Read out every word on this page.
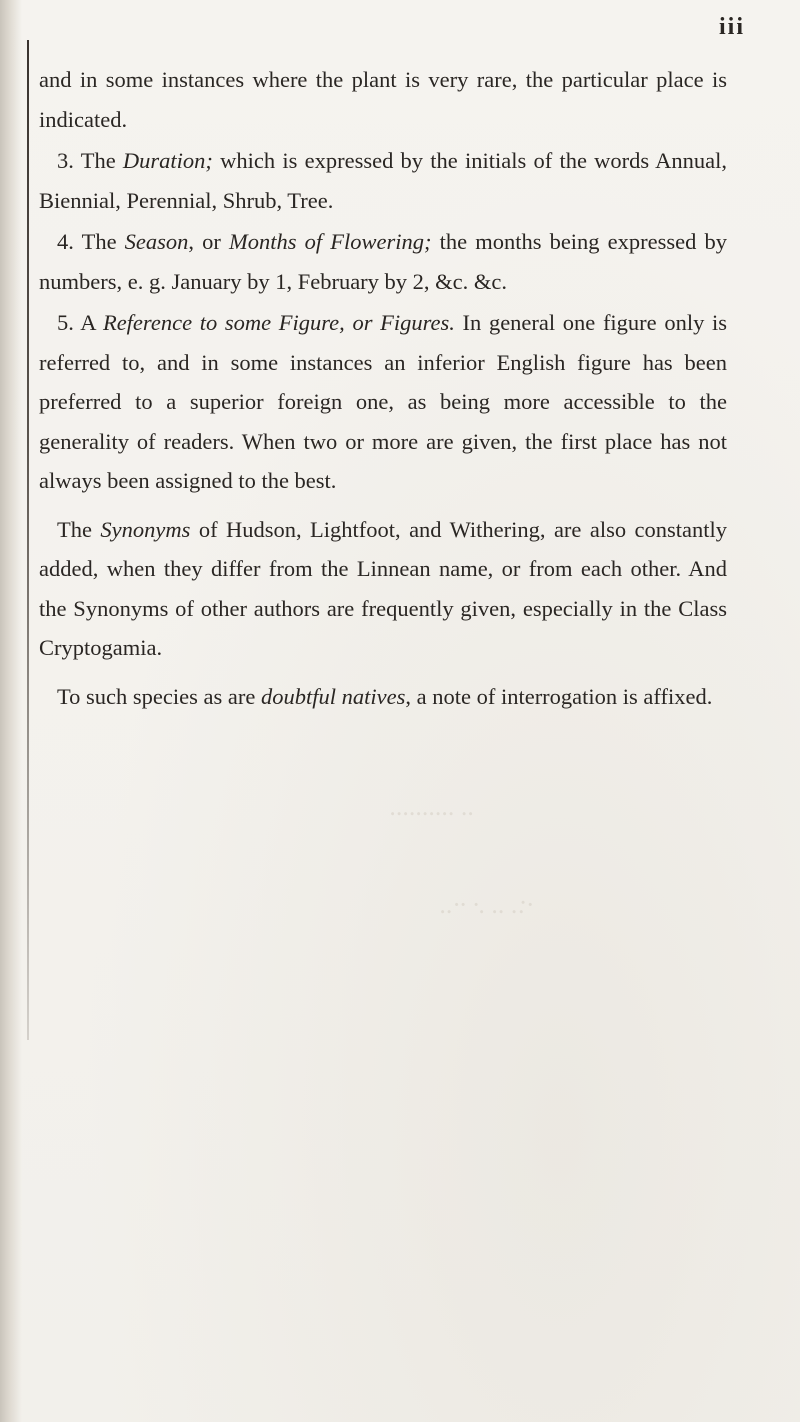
iii

and in some instances where the plant is very rare, the particular place is indicated.

3. The Duration; which is expressed by the initials of the words Annual, Biennial, Perennial, Shrub, Tree.

4. The Season, or Months of Flowering; the months being expressed by numbers, e. g. January by 1, February by 2, &c. &c.

5. A Reference to some Figure, or Figures. In general one figure only is referred to, and in some instances an inferior English figure has been preferred to a superior foreign one, as being more accessible to the generality of readers. When two or more are given, the first place has not always been assigned to the best.

The Synonyms of Hudson, Lightfoot, and Withering, are also constantly added, when they differ from the Linnean name, or from each other. And the Synonyms of other authors are frequently given, especially in the Class Cryptogamia.

To such species as are doubtful natives, a note of interrogation is affixed.

.......... ..
..·· ·. .. .:·
